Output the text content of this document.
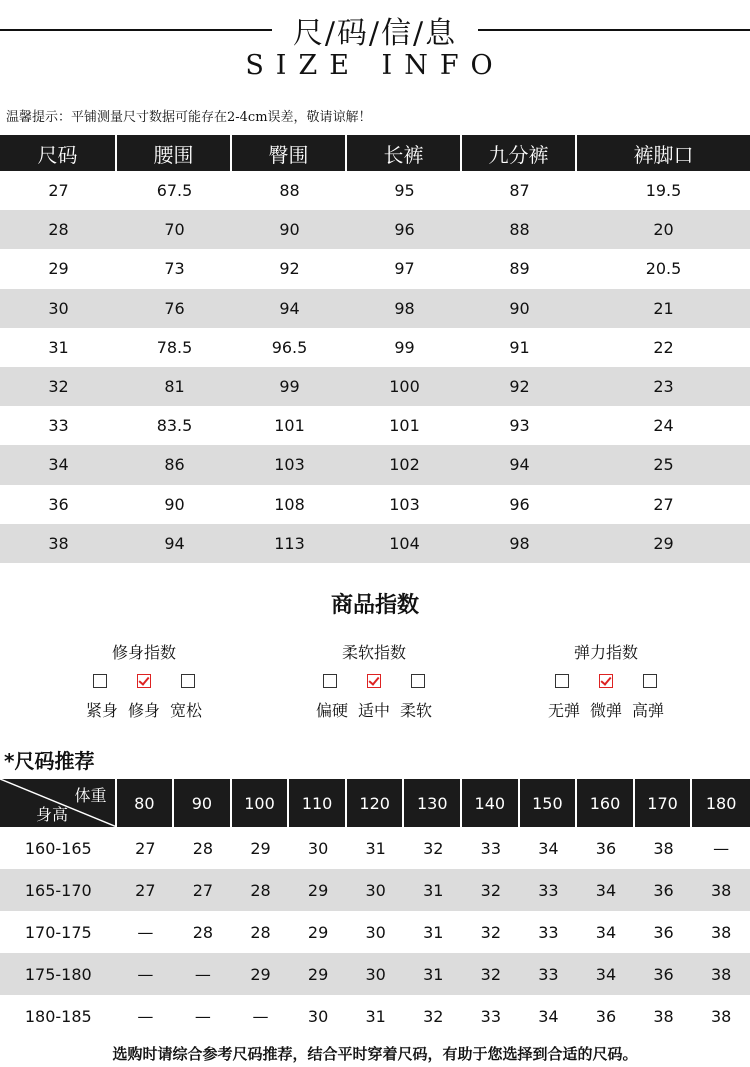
尺/码/信/息
SIZE INFO
温馨提示：平铺测量尺寸数据可能存在2-4cm误差，敬请谅解！
尺码	腰围	臀围	长裤	九分裤	裤脚口
27	67.5	88	95	87	19.5
28	70	90	96	88	20
29	73	92	97	89	20.5
30	76	94	98	90	21
31	78.5	96.5	99	91	22
32	81	99	100	92	23
33	83.5	101	101	93	24
34	86	103	102	94	25
36	90	108	103	96	27
38	94	113	104	98	29
商品指数
修身指数
紧身 修身 宽松
柔软指数
偏硬 适中 柔软
弹力指数
无弹 微弹 高弹
*尺码推荐
体重
身高
80	90	100	110	120	130	140	150	160	170	180
160-165	27	28	29	30	31	32	33	34	36	38	—
165-170	27	27	28	29	30	31	32	33	34	36	38
170-175	—	28	28	29	30	31	32	33	34	36	38
175-180	—	—	29	29	30	31	32	33	34	36	38
180-185	—	—	—	30	31	32	33	34	36	38	38
选购时请综合参考尺码推荐，结合平时穿着尺码，有助于您选择到合适的尺码。
